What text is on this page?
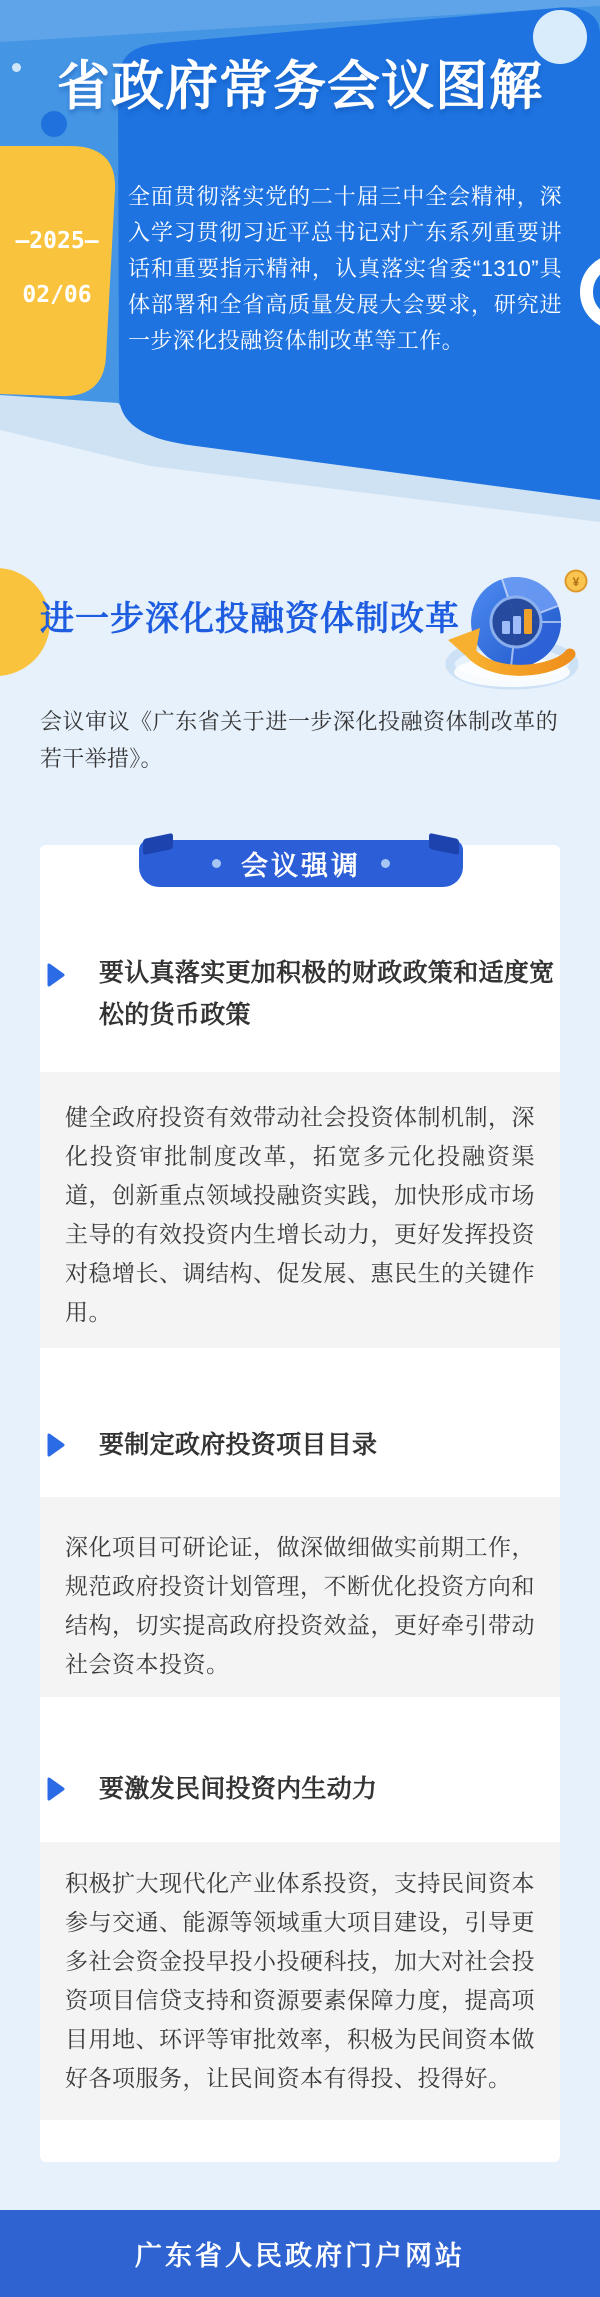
省政府常务会议图解
—2025—
02/06
全面贯彻落实党的二十届三中全会精神，深入学习贯彻习近平总书记对广东系列重要讲话和重要指示精神，认真落实省委“1310”具体部署和全省高质量发展大会要求，研究进一步深化投融资体制改革等工作。
进一步深化投融资体制改革
¥
会议审议《广东省关于进一步深化投融资体制改革的若干举措》。
会议强调
要认真落实更加积极的财政政策和适度宽松的货币政策
健全政府投资有效带动社会投资体制机制，深化投资审批制度改革，拓宽多元化投融资渠道，创新重点领域投融资实践，加快形成市场主导的有效投资内生增长动力，更好发挥投资对稳增长、调结构、促发展、惠民生的关键作用。
要制定政府投资项目目录
深化项目可研论证，做深做细做实前期工作，规范政府投资计划管理，不断优化投资方向和结构，切实提高政府投资效益，更好牵引带动社会资本投资。
要激发民间投资内生动力
积极扩大现代化产业体系投资，支持民间资本参与交通、能源等领域重大项目建设，引导更多社会资金投早投小投硬科技，加大对社会投资项目信贷支持和资源要素保障力度，提高项目用地、环评等审批效率，积极为民间资本做好各项服务，让民间资本有得投、投得好。
广东省人民政府门户网站
